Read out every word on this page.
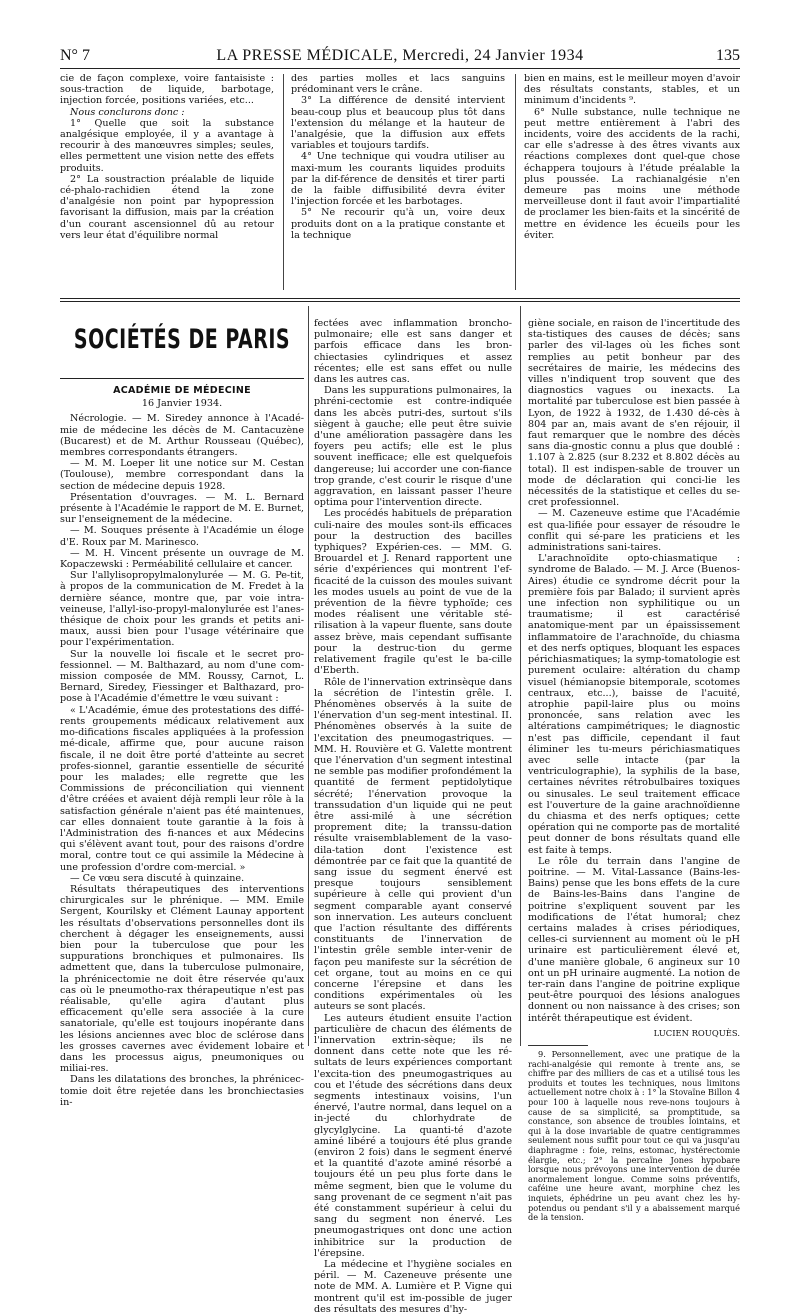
N° 7	LA PRESSE MÉDICALE, Mercredi, 24 Janvier 1934	135

cie de façon complexe, voire fantaisiste : sous-traction de liquide, barbotage, injection forcée, positions variées, etc...

Nous conclurons donc :

1° Quelle que soit la substance analgésique employée, il y a avantage à recourir à des manœuvres simples; seules, elles permettent une vision nette des effets produits.

2° La soustraction préalable de liquide cé-phalo-rachidien étend la zone d'analgésie non point par hypopression favorisant la diffusion, mais par la création d'un courant ascensionnel dû au retour vers leur état d'équilibre normal

des parties molles et lacs sanguins prédominant vers le crâne.

3° La différence de densité intervient beau-coup plus et beaucoup plus tôt dans l'extension du mélange et la hauteur de l'analgésie, que la diffusion aux effets variables et toujours tardifs.

4° Une technique qui voudra utiliser au maxi-mum les courants liquides produits par la dif-férence de densités et tirer parti de la faible diffusibilité devra éviter l'injection forcée et les barbotages.

5° Ne recourir qu'à un, voire deux produits dont on a la pratique constante et la technique

bien en mains, est le meilleur moyen d'avoir des résultats constants, stables, et un minimum d'incidents ⁹.

6° Nulle substance, nulle technique ne peut mettre entièrement à l'abri des incidents, voire des accidents de la rachi, car elle s'adresse à des êtres vivants aux réactions complexes dont quel-que chose échappera toujours à l'étude préalable la plus poussée. La rachianalgésie n'en demeure pas moins une méthode merveilleuse dont il faut avoir l'impartialité de proclamer les bien-faits et la sincérité de mettre en évidence les écueils pour les éviter.

SOCIÉTÉS DE PARIS
ACADÉMIE DE MÉDECINE
16 Janvier 1934.

Nécrologie. — M. Siredey annonce à l'Acadé-mie de médecine les décès de M. Cantacuzène (Bucarest) et de M. Arthur Rousseau (Québec), membres correspondants étrangers.

— M. M. Loeper lit une notice sur M. Cestan (Toulouse), membre correspondant dans la section de médecine depuis 1928.

Présentation d'ouvrages. — M. L. Bernard présente à l'Académie le rapport de M. E. Burnet, sur l'enseignement de la médecine.

— M. Souques présente à l'Académie un éloge d'E. Roux par M. Marinesco.

— M. H. Vincent présente un ouvrage de M. Kopaczewski : Perméabilité cellulaire et cancer.

Sur l'allylisopropylmalonylurée — M. G. Pe-tit, à propos de la communication de M. Fredet à la dernière séance, montre que, par voie intra-veineuse, l'allyl-iso-propyl-malonylurée est l'anes-thésique de choix pour les grands et petits ani-maux, aussi bien pour l'usage vétérinaire que pour l'expérimentation.

Sur la nouvelle loi fiscale et le secret pro-fessionnel. — M. Balthazard, au nom d'une com-mission composée de MM. Roussy, Carnot, L. Bernard, Siredey, Fiessinger et Balthazard, pro-pose à l'Académie d'émettre le vœu suivant :

« L'Académie, émue des protestations des diffé-rents groupements médicaux relativement aux mo-difications fiscales appliquées à la profession mé-dicale, affirme que, pour aucune raison fiscale, il ne doit être porté d'atteinte au secret profes-sionnel, garantie essentielle de sécurité pour les malades; elle regrette que les Commissions de préconciliation qui viennent d'être créées et avaient déjà rempli leur rôle à la satisfaction générale n'aient pas été maintenues, car elles donnaient toute garantie à la fois à l'Administration des fi-nances et aux Médecins qui s'élèvent avant tout, pour des raisons d'ordre moral, contre tout ce qui assimile la Médecine à une profession d'ordre com-mercial. »

— Ce vœu sera discuté à quinzaine.

Résultats thérapeutiques des interventions chirurgicales sur le phrénique. — MM. Emile Sergent, Kourilsky et Clément Launay apportent les résultats d'observations personnelles dont ils cherchent à dégager les enseignements, aussi bien pour la tuberculose que pour les suppurations bronchiques et pulmonaires. Ils admettent que, dans la tuberculose pulmonaire, la phrénicectomie ne doit être réservée qu'aux cas où le pneumotho-rax thérapeutique n'est pas réalisable, qu'elle agira d'autant plus efficacement qu'elle sera associée à la cure sanatoriale, qu'elle est toujours inopérante dans les lésions anciennes avec bloc de sclérose dans les grosses cavernes avec évidement lobaire et dans les processus aigus, pneumoniques ou miliai-res.

Dans les dilatations des bronches, la phrénicec-tomie doit être rejetée dans les bronchiectasies in-

fectées avec inflammation broncho-pulmonaire; elle est sans danger et parfois efficace dans les bron-chiectasies cylindriques et assez récentes; elle est sans effet ou nulle dans les autres cas.

Dans les suppurations pulmonaires, la phréni-cectomie est contre-indiquée dans les abcès putri-des, surtout s'ils siègent à gauche; elle peut être suivie d'une amélioration passagère dans les foyers peu actifs; elle est le plus souvent inefficace; elle est quelquefois dangereuse; lui accorder une con-fiance trop grande, c'est courir le risque d'une aggravation, en laissant passer l'heure optima pour l'intervention directe.

Les procédés habituels de préparation culi-naire des moules sont-ils efficaces pour la destruction des bacilles typhiques? Expérien-ces. — MM. G. Brouardel et J. Renard rapportent une série d'expériences qui montrent l'ef-ficacité de la cuisson des moules suivant les modes usuels au point de vue de la prévention de la fièvre typhoïde; ces modes réalisent une véritable sté-rilisation à la vapeur fluente, sans doute assez brève, mais cependant suffisante pour la destruc-tion du germe relativement fragile qu'est le ba-cille d'Eberth.

Rôle de l'innervation extrinsèque dans la sécrétion de l'intestin grêle. I. Phénomènes observés à la suite de l'énervation d'un seg-ment intestinal. II. Phénomènes observés à la suite de l'excitation des pneumogastriques. — MM. H. Rouvière et G. Valette montrent que l'énervation d'un segment intestinal ne semble pas modifier profondément la quantité de ferment peptidolytique sécrété; l'énervation provoque la transsudation d'un liquide qui ne peut être assi-milé à une sécrétion proprement dite; la transsu-dation résulte vraisemblablement de la vaso-dila-tation dont l'existence est démontrée par ce fait que la quantité de sang issue du segment énervé est presque toujours sensiblement supérieure à celle qui provient d'un segment comparable ayant conservé son innervation. Les auteurs concluent que l'action résultante des différents constituants de l'innervation de l'intestin grêle semble inter-venir de façon peu manifeste sur la sécrétion de cet organe, tout au moins en ce qui concerne l'érepsine et dans les conditions expérimentales où les auteurs se sont placés.

Les auteurs étudient ensuite l'action particulière de chacun des éléments de l'innervation extrin-sèque; ils ne donnent dans cette note que les ré-sultats de leurs expériences comportant l'excita-tion des pneumogastriques au cou et l'étude des sécrétions dans deux segments intestinaux voisins, l'un énervé, l'autre normal, dans lequel on a in-jecté du chlorhydrate de glycylglycine. La quanti-té d'azote aminé libéré a toujours été plus grande (environ 2 fois) dans le segment énervé et la quantité d'azote aminé résorbé a toujours été un peu plus forte dans le même segment, bien que le volume du sang provenant de ce segment n'ait pas été constamment supérieur à celui du sang du segment non énervé. Les pneumogastriques ont donc une action inhibitrice sur la production de l'érepsine.

La médecine et l'hygiène sociales en péril. — M. Cazeneuve présente une note de MM. A. Lumière et P. Vigne qui montrent qu'il est im-possible de juger des résultats des mesures d'hy-

giène sociale, en raison de l'incertitude des sta-tistiques des causes de décès; sans parler des vil-lages où les fiches sont remplies au petit bonheur par des secrétaires de mairie, les médecins des villes n'indiquent trop souvent que des diagnostics vagues ou inexacts. La mortalité par tuberculose est bien passée à Lyon, de 1922 à 1932, de 1.430 dé-cès à 804 par an, mais avant de s'en réjouir, il faut remarquer que le nombre des décès sans dia-gnostic connu a plus que doublé : 1.107 à 2.825 (sur 8.232 et 8.802 décès au total). Il est indispen-sable de trouver un mode de déclaration qui conci-lie les nécessités de la statistique et celles du se-cret professionnel.

— M. Cazeneuve estime que l'Académie est qua-lifiée pour essayer de résoudre le conflit qui sé-pare les praticiens et les administrations sani-taires.

L'arachnoïdite opto-chiasmatique : syndrome de Balado. — M. J. Arce (Buenos-Aires) étudie ce syndrome décrit pour la première fois par Balado; il survient après une infection non syphilitique ou un traumatisme; il est caractérisé anatomique-ment par un épaississement inflammatoire de l'arachnoïde, du chiasma et des nerfs optiques, bloquant les espaces périchiasmatiques; la symp-tomatologie est purement oculaire: altération du champ visuel (hémianopsie bitemporale, scotomes centraux, etc...), baisse de l'acuité, atrophie papil-laire plus ou moins prononcée, sans relation avec les altérations campimétriques; le diagnostic n'est pas difficile, cependant il faut éliminer les tu-meurs périchiasmatiques avec selle intacte (par la ventriculographie), la syphilis de la base, certaines névrites rétrobulbaires toxiques ou sinusales. Le seul traitement efficace est l'ouverture de la gaine arachnoïdienne du chiasma et des nerfs optiques; cette opération qui ne comporte pas de mortalité peut donner de bons résultats quand elle est faite à temps.

Le rôle du terrain dans l'angine de poitrine. — M. Vital-Lassance (Bains-les-Bains) pense que les bons effets de la cure de Bains-les-Bains dans l'angine de poitrine s'expliquent souvent par les modifications de l'état humoral; chez certains malades à crises périodiques, celles-ci surviennent au moment où le pH urinaire est particulièrement élevé et, d'une manière globale, 6 angineux sur 10 ont un pH urinaire augmenté. La notion de ter-rain dans l'angine de poitrine explique peut-être pourquoi des lésions analogues donnent ou non naissance à des crises; son intérêt thérapeutique est évident.

LUCIEN ROUQUÈS.

9. Personnellement, avec une pratique de la rachi-analgésie qui remonte à trente ans, se chiffre par des milliers de cas et a utilisé tous les produits et toutes les techniques, nous limitons actuellement notre choix à : 1° la Stovaïne Billon 4 pour 100 à laquelle nous reve-nons toujours à cause de sa simplicité, sa promptitude, sa constance, son absence de troubles lointains, et qui à la dose invariable de quatre centigrammes seulement nous suffit pour tout ce qui va jusqu'au diaphragme : foie, reins, estomac, hystérectomie élargie, etc.; 2° la percaïne Jones hypobare lorsque nous prévoyons une intervention de durée anormalement longue. Comme soins préventifs, caféine une heure avant, morphine chez les inquiets, éphédrine un peu avant chez les hy-potendus ou pendant s'il y a abaissement marqué de la tension.
